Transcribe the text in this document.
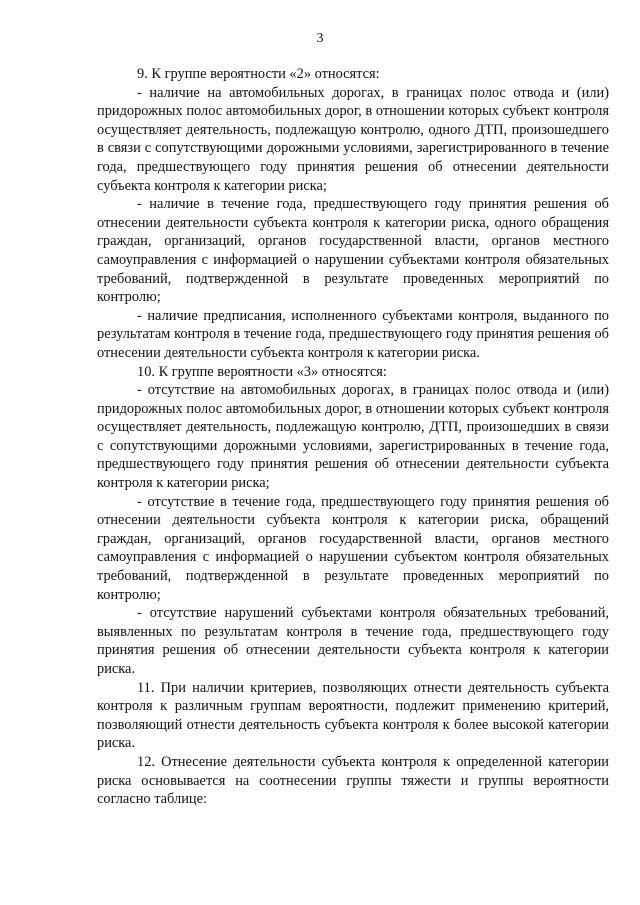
3

9. К группе вероятности «2» относятся:

- наличие на автомобильных дорогах, в границах полос отвода и (или) придорожных полос автомобильных дорог, в отношении которых субъект контроля осуществляет деятельность, подлежащую контролю, одного ДТП, произошедшего в связи с сопутствующими дорожными условиями, зарегистрированного в течение года, предшествующего году принятия решения об отнесении деятельности субъекта контроля к категории риска;

- наличие в течение года, предшествующего году принятия решения об отнесении деятельности субъекта контроля к категории риска, одного обращения граждан, организаций, органов государственной власти, органов местного самоуправления с информацией о нарушении субъектами контроля обязательных требований, подтвержденной в результате проведенных мероприятий по контролю;

- наличие предписания, исполненного субъектами контроля, выданного по результатам контроля в течение года, предшествующего году принятия решения об отнесении деятельности субъекта контроля к категории риска.

10. К группе вероятности «3» относятся:

- отсутствие на автомобильных дорогах, в границах полос отвода и (или) придорожных полос автомобильных дорог, в отношении которых субъект контроля осуществляет деятельность, подлежащую контролю, ДТП, произошедших в связи с сопутствующими дорожными условиями, зарегистрированных в течение года, предшествующего году принятия решения об отнесении деятельности субъекта контроля к категории риска;

- отсутствие в течение года, предшествующего году принятия решения об отнесении деятельности субъекта контроля к категории риска, обращений граждан, организаций, органов государственной власти, органов местного самоуправления с информацией о нарушении субъектом контроля обязательных требований, подтвержденной в результате проведенных мероприятий по контролю;

- отсутствие нарушений субъектами контроля обязательных требований, выявленных по результатам контроля в течение года, предшествующего году принятия решения об отнесении деятельности субъекта контроля к категории риска.

11. При наличии критериев, позволяющих отнести деятельность субъекта контроля к различным группам вероятности, подлежит применению критерий, позволяющий отнести деятельность субъекта контроля к более высокой категории риска.

12. Отнесение деятельности субъекта контроля к определенной категории риска основывается на соотнесении группы тяжести и группы вероятности согласно таблице:
